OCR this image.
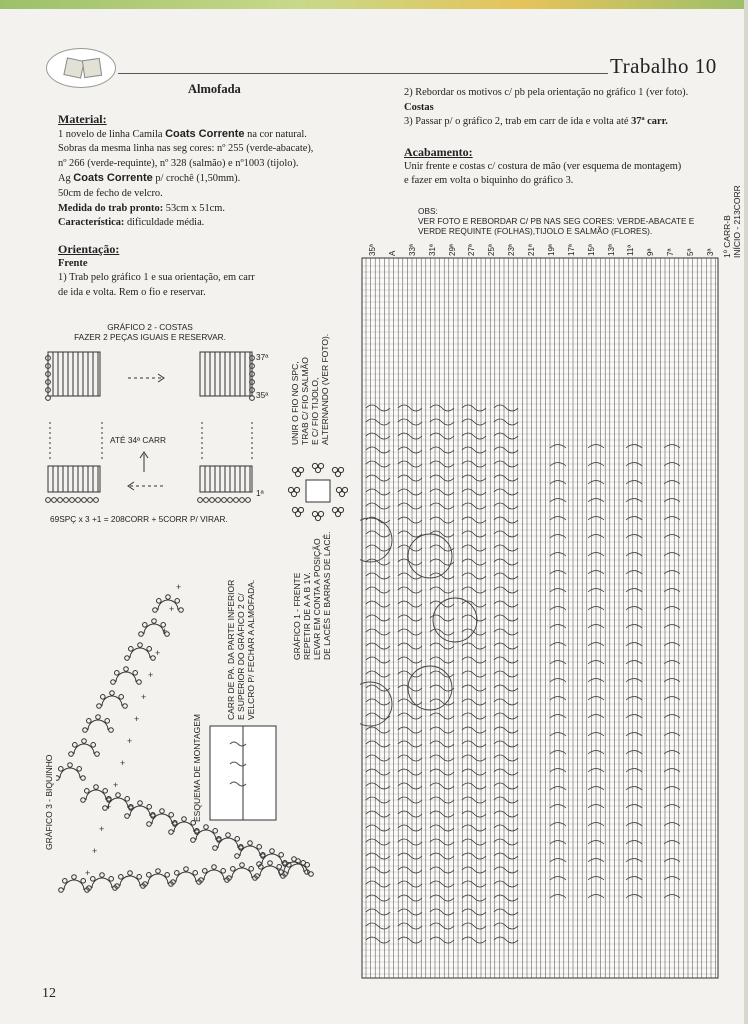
Trabalho 10
Almofada
Material:
1 novelo de linha Camila Coats Corrente na cor natural.
Sobras da mesma linha nas seg cores: nº 255 (verde-abacate),
nº 266 (verde-requinte), nº 328 (salmão) e nº1003 (tijolo).
Ag Coats Corrente p/ crochê (1,50mm).
50cm de fecho de velcro.
Medida do trab pronto: 53cm x 51cm.
Característica: dificuldade média.
Orientação:
Frente
1) Trab pelo gráfico 1 e sua orientação, em carr
de ida e volta. Rem o fio e reservar.
2) Rebordar os motivos c/ pb pela orientação no gráfico 1 (ver foto).
Costas
3) Passar p/ o gráfico 2, trab em carr de ida e volta até 37ª carr.
Acabamento:
Unir frente e costas c/ costura de mão (ver esquema de montagem)
e fazer em volta o biquinho do gráfico 3.
OBS:
VER FOTO E REBORDAR C/ PB NAS SEG CORES: VERDE-ABACATE E
VERDE REQUINTE (FOLHAS),TIJOLO E SALMÃO (FLORES).
GRÁFICO 2 - COSTAS
FAZER 2 PEÇAS IGUAIS E RESERVAR.
37ª
35ª
1ª
ATÉ 34ª CARR
69SPÇ x 3 +1 = 208CORR + 5CORR P/ VIRAR.
UNIR O FIO NO SPC, TRAB C/ FIO SALMÃO E C/ FIO TIJOLO, ALTERNANDO (VER FOTO).
GRÁFICO 1 - FRENTE REPETIR DE A A B 1V. LEVAR EM CONTA A POSIÇÃO DE LACÊS E BARRAS DE LACÊ.
CARR DE PA. DA PARTE INFERIOR E SUPERIOR DO GRÁFICO 2 C/ VELCRO P/ FECHAR A ALMOFADA.
ESQUEMA DE MONTAGEM
GRÁFICO 3 - BIQUINHO
1º CARR-B INÍCIO - 213CORR
35ª A 33ª 31ª 29ª 27ª 25ª 23ª 21ª 19ª 17ª 15ª 13ª 11ª 9ª 7ª 5ª 3ª
+
+
+
+
+
+
+
+
+
+
+
+
+
+
12
